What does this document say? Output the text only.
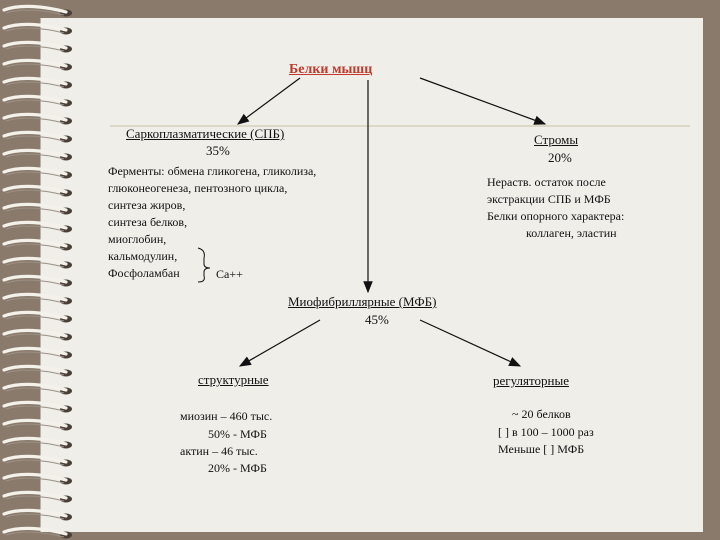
Белки мышц
Саркоплазматические (СПБ)
35%
Ферменты: обмена гликогена, гликолиза,
глюконеогенеза, пентозного цикла,
синтеза жиров,
синтеза белков,
миоглобин,
кальмодулин,
Фосфоламбан	Са++
Стромы
20%
Нераств. остаток после
экстракции СПБ и МФБ
Белки опорного характера:
коллаген, эластин
Миофибриллярные (МФБ)
45%
структурные
миозин – 460 тыс.
50% - МФБ
актин – 46 тыс.
20% - МФБ
регуляторные
~ 20 белков
[ ] в 100 – 1000 раз
Меньше [ ] МФБ
